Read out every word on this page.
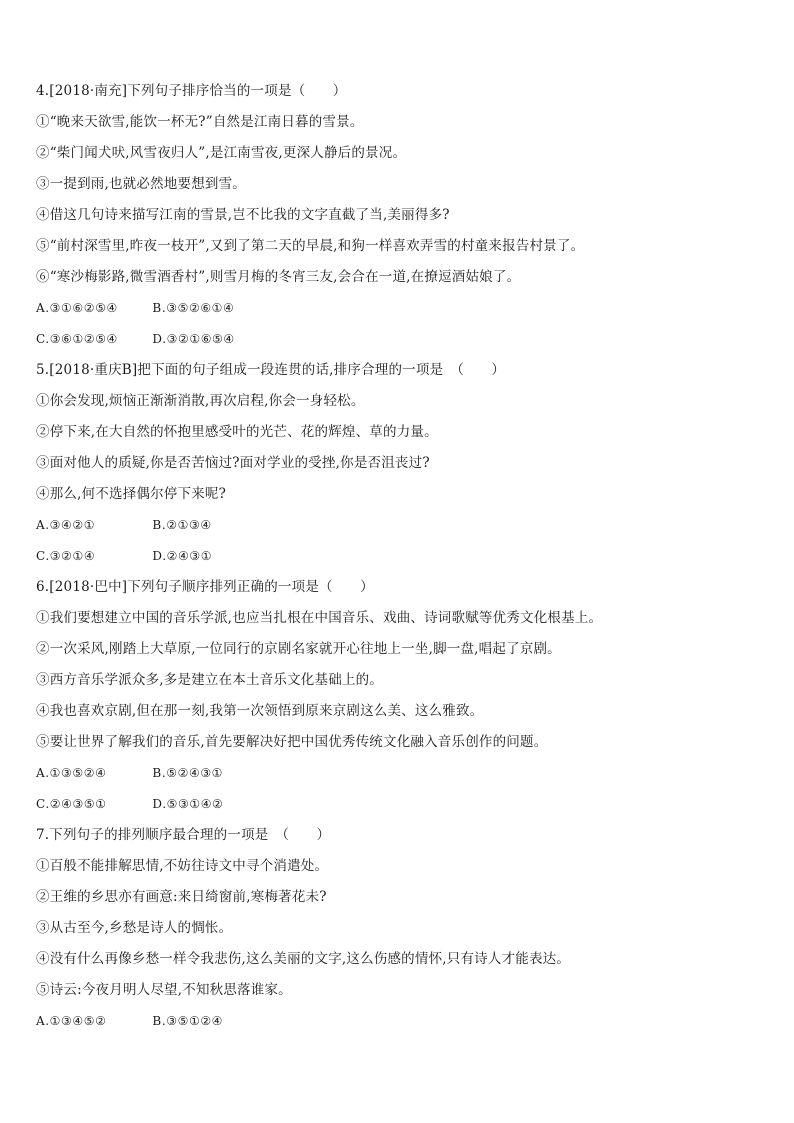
4.[2018·南充]下列句子排序恰当的一项是（　　）
①“晚来天欲雪,能饮一杯无?”自然是江南日暮的雪景。
②“柴门闻犬吠,风雪夜归人”,是江南雪夜,更深人静后的景况。
③一提到雨,也就必然地要想到雪。
④借这几句诗来描写江南的雪景,岂不比我的文字直截了当,美丽得多?
⑤“前村深雪里,昨夜一枝开”,又到了第二天的早晨,和狗一样喜欢弄雪的村童来报告村景了。
⑥“寒沙梅影路,微雪酒香村”,则雪月梅的冬宵三友,会合在一道,在撩逗酒姑娘了。
A.③①⑥②⑤④	B.③⑤②⑥①④
C.③⑥①②⑤④	D.③②①⑥⑤④
5.[2018·重庆B]把下面的句子组成一段连贯的话,排序合理的一项是　（　　）
①你会发现,烦恼正渐渐消散,再次启程,你会一身轻松。
②停下来,在大自然的怀抱里感受叶的光芒、花的辉煌、草的力量。
③面对他人的质疑,你是否苦恼过?面对学业的受挫,你是否沮丧过?
④那么,何不选择偶尔停下来呢?
A.③④②①	B.②①③④
C.③②①④	D.②④③①
6.[2018·巴中]下列句子顺序排列正确的一项是（　　）
①我们要想建立中国的音乐学派,也应当扎根在中国音乐、戏曲、诗词歌赋等优秀文化根基上。
②一次采风,刚踏上大草原,一位同行的京剧名家就开心往地上一坐,脚一盘,唱起了京剧。
③西方音乐学派众多,多是建立在本土音乐文化基础上的。
④我也喜欢京剧,但在那一刻,我第一次领悟到原来京剧这么美、这么雅致。
⑤要让世界了解我们的音乐,首先要解决好把中国优秀传统文化融入音乐创作的问题。
A.①③⑤②④	B.⑤②④③①
C.②④③⑤①	D.⑤③①④②
7.下列句子的排列顺序最合理的一项是　（　　）
①百般不能排解思情,不妨往诗文中寻个消遣处。
②王维的乡思亦有画意:来日绮窗前,寒梅著花未?
③从古至今,乡愁是诗人的惆怅。
④没有什么再像乡愁一样令我悲伤,这么美丽的文字,这么伤感的情怀,只有诗人才能表达。
⑤诗云:今夜月明人尽望,不知秋思落谁家。
A.①③④⑤②	B.③⑤①②④
